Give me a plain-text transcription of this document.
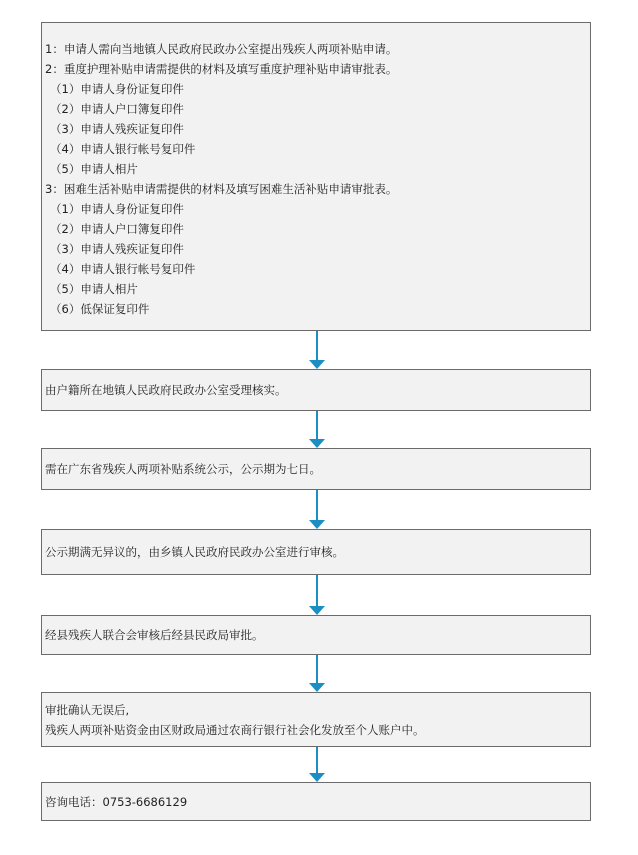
1：申请人需向当地镇人民政府民政办公室提出残疾人两项补贴申请。
2：重度护理补贴申请需提供的材料及填写重度护理补贴申请审批表。
（1）申请人身份证复印件
（2）申请人户口簿复印件
（3）申请人残疾证复印件
（4）申请人银行帐号复印件
（5）申请人相片
3：困难生活补贴申请需提供的材料及填写困难生活补贴申请审批表。
（1）申请人身份证复印件
（2）申请人户口簿复印件
（3）申请人残疾证复印件
（4）申请人银行帐号复印件
（5）申请人相片
（6）低保证复印件
由户籍所在地镇人民政府民政办公室受理核实。
需在广东省残疾人两项补贴系统公示，公示期为七日。
公示期满无异议的，由乡镇人民政府民政办公室进行审核。
经县残疾人联合会审核后经县民政局审批。
审批确认无误后,
残疾人两项补贴资金由区财政局通过农商行银行社会化发放至个人账户中。
咨询电话：0753-6686129
